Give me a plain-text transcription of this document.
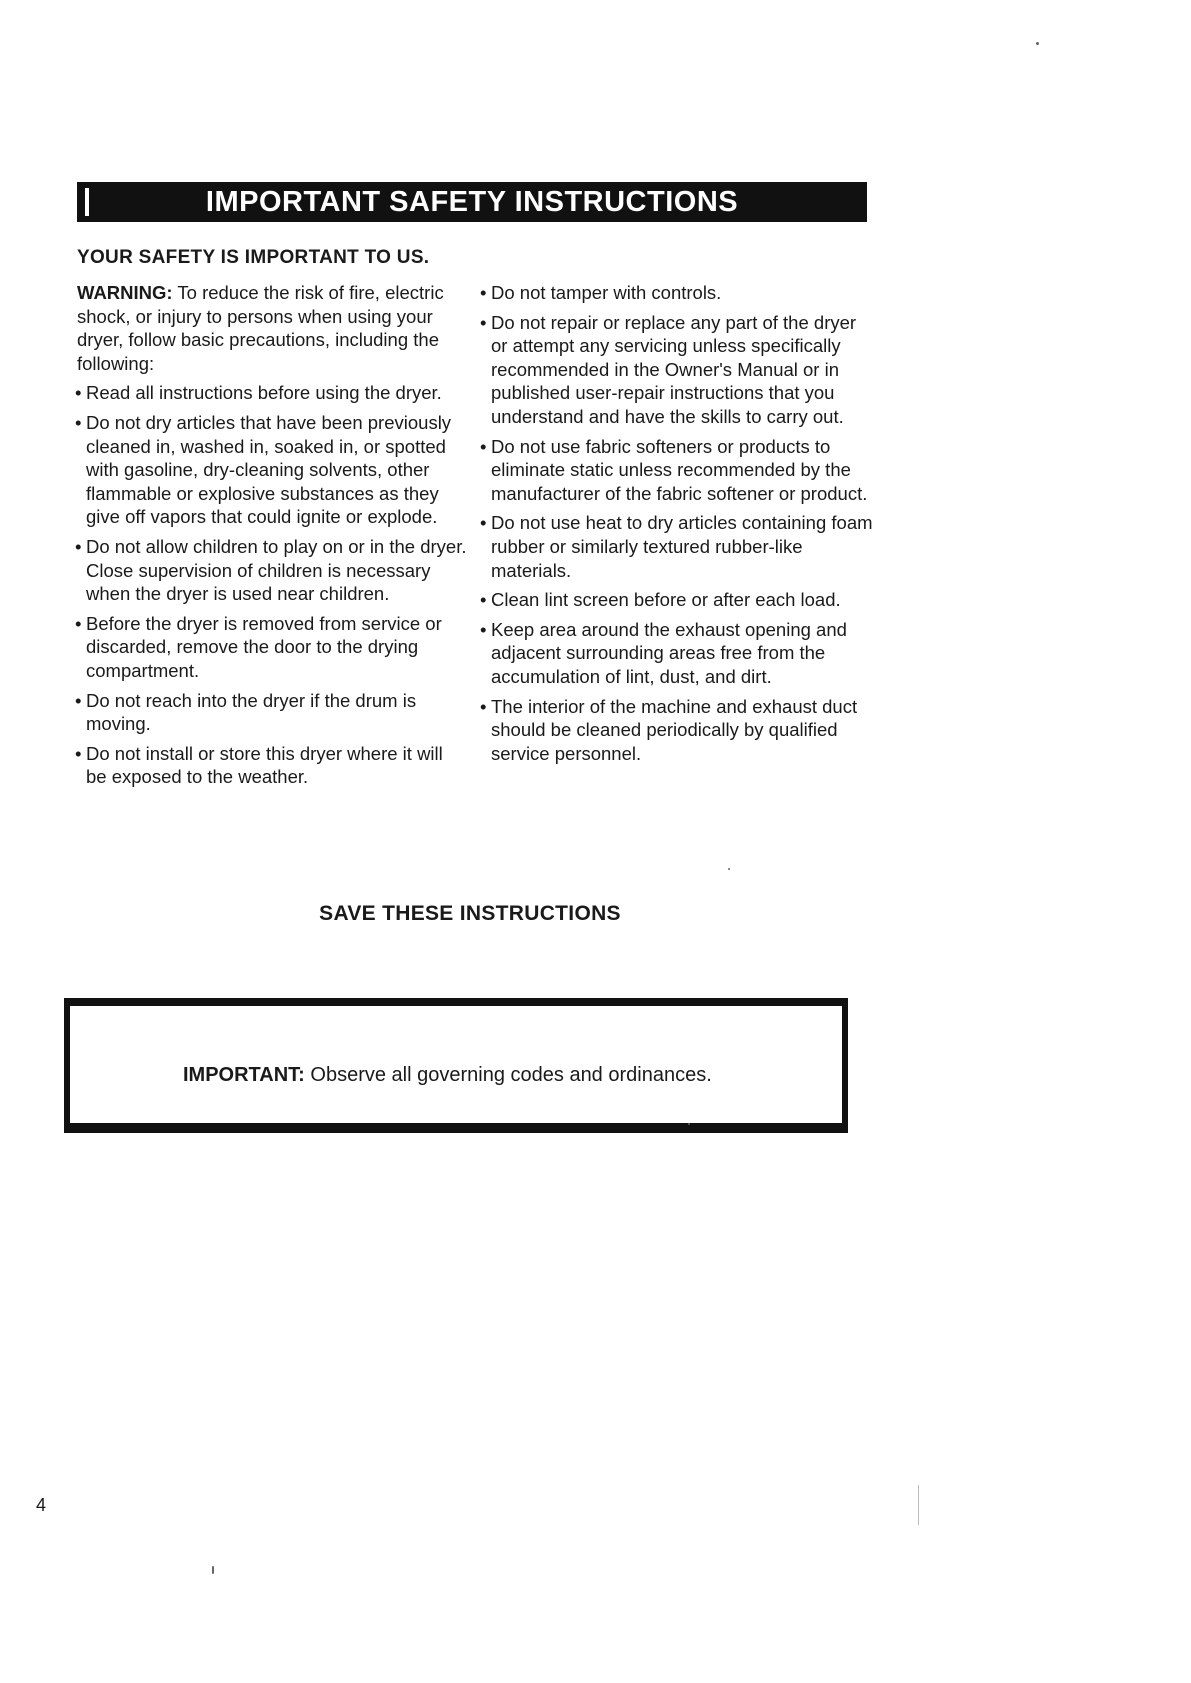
IMPORTANT SAFETY INSTRUCTIONS
YOUR SAFETY IS IMPORTANT TO US.

WARNING: To reduce the risk of fire, electric shock, or injury to persons when using your dryer, follow basic precautions, including the following:

• Read all instructions before using the dryer.
• Do not dry articles that have been previously cleaned in, washed in, soaked in, or spotted with gasoline, dry-cleaning solvents, other flammable or explosive substances as they give off vapors that could ignite or explode.
• Do not allow children to play on or in the dryer. Close supervision of children is necessary when the dryer is used near children.
• Before the dryer is removed from service or discarded, remove the door to the drying compartment.
• Do not reach into the dryer if the drum is moving.
• Do not install or store this dryer where it will be exposed to the weather.
• Do not tamper with controls.
• Do not repair or replace any part of the dryer or attempt any servicing unless specifically recommended in the Owner's Manual or in published user-repair instructions that you understand and have the skills to carry out.
• Do not use fabric softeners or products to eliminate static unless recommended by the manufacturer of the fabric softener or product.
• Do not use heat to dry articles containing foam rubber or similarly textured rubber-like materials.
• Clean lint screen before or after each load.
• Keep area around the exhaust opening and adjacent surrounding areas free from the accumulation of lint, dust, and dirt.
• The interior of the machine and exhaust duct should be cleaned periodically by qualified service personnel.
SAVE THESE INSTRUCTIONS
IMPORTANT: Observe all governing codes and ordinances.
4
